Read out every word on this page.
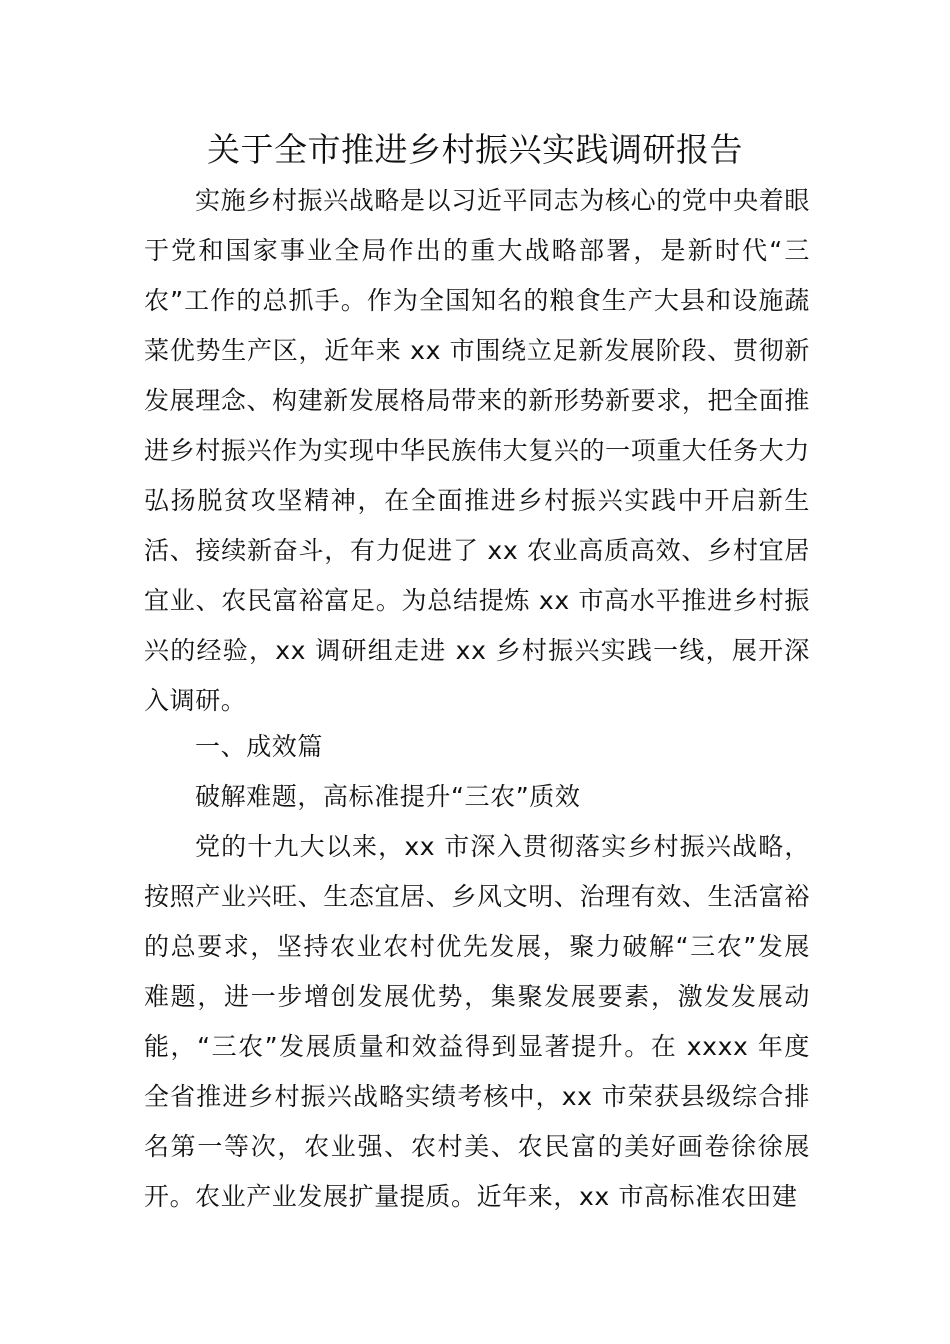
关于全市推进乡村振兴实践调研报告

实施乡村振兴战略是以习近平同志为核心的党中央着眼于党和国家事业全局作出的重大战略部署，是新时代“三农”工作的总抓手。作为全国知名的粮食生产大县和设施蔬菜优势生产区，近年来 xx 市围绕立足新发展阶段、贯彻新发展理念、构建新发展格局带来的新形势新要求，把全面推进乡村振兴作为实现中华民族伟大复兴的一项重大任务大力弘扬脱贫攻坚精神，在全面推进乡村振兴实践中开启新生活、接续新奋斗，有力促进了 xx 农业高质高效、乡村宜居宜业、农民富裕富足。为总结提炼 xx 市高水平推进乡村振兴的经验，xx 调研组走进 xx 乡村振兴实践一线，展开深入调研。

一、成效篇

破解难题，高标准提升“三农”质效

党的十九大以来，xx 市深入贯彻落实乡村振兴战略，按照产业兴旺、生态宜居、乡风文明、治理有效、生活富裕的总要求，坚持农业农村优先发展，聚力破解“三农”发展难题，进一步增创发展优势，集聚发展要素，激发发展动能，“三农”发展质量和效益得到显著提升。在 xxxx 年度全省推进乡村振兴战略实绩考核中，xx 市荣获县级综合排名第一等次，农业强、农村美、农民富的美好画卷徐徐展开。 农业产业发展扩量提质。近年来，xx 市高标准农田建
